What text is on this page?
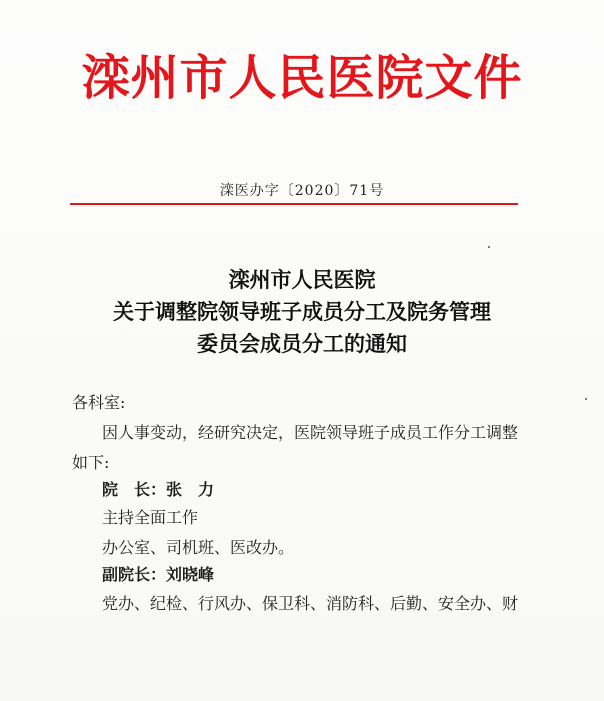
滦州市人民医院文件
滦医办字〔2020〕71号
滦州市人民医院
关于调整院领导班子成员分工及院务管理
委员会成员分工的通知
各科室:
因人事变动，经研究决定，医院领导班子成员工作分工调整
如下:
院　长：张　力
主持全面工作
办公室、司机班、医改办。
副院长：刘晓峰
党办、纪检、行风办、保卫科、消防科、后勤、安全办、财
